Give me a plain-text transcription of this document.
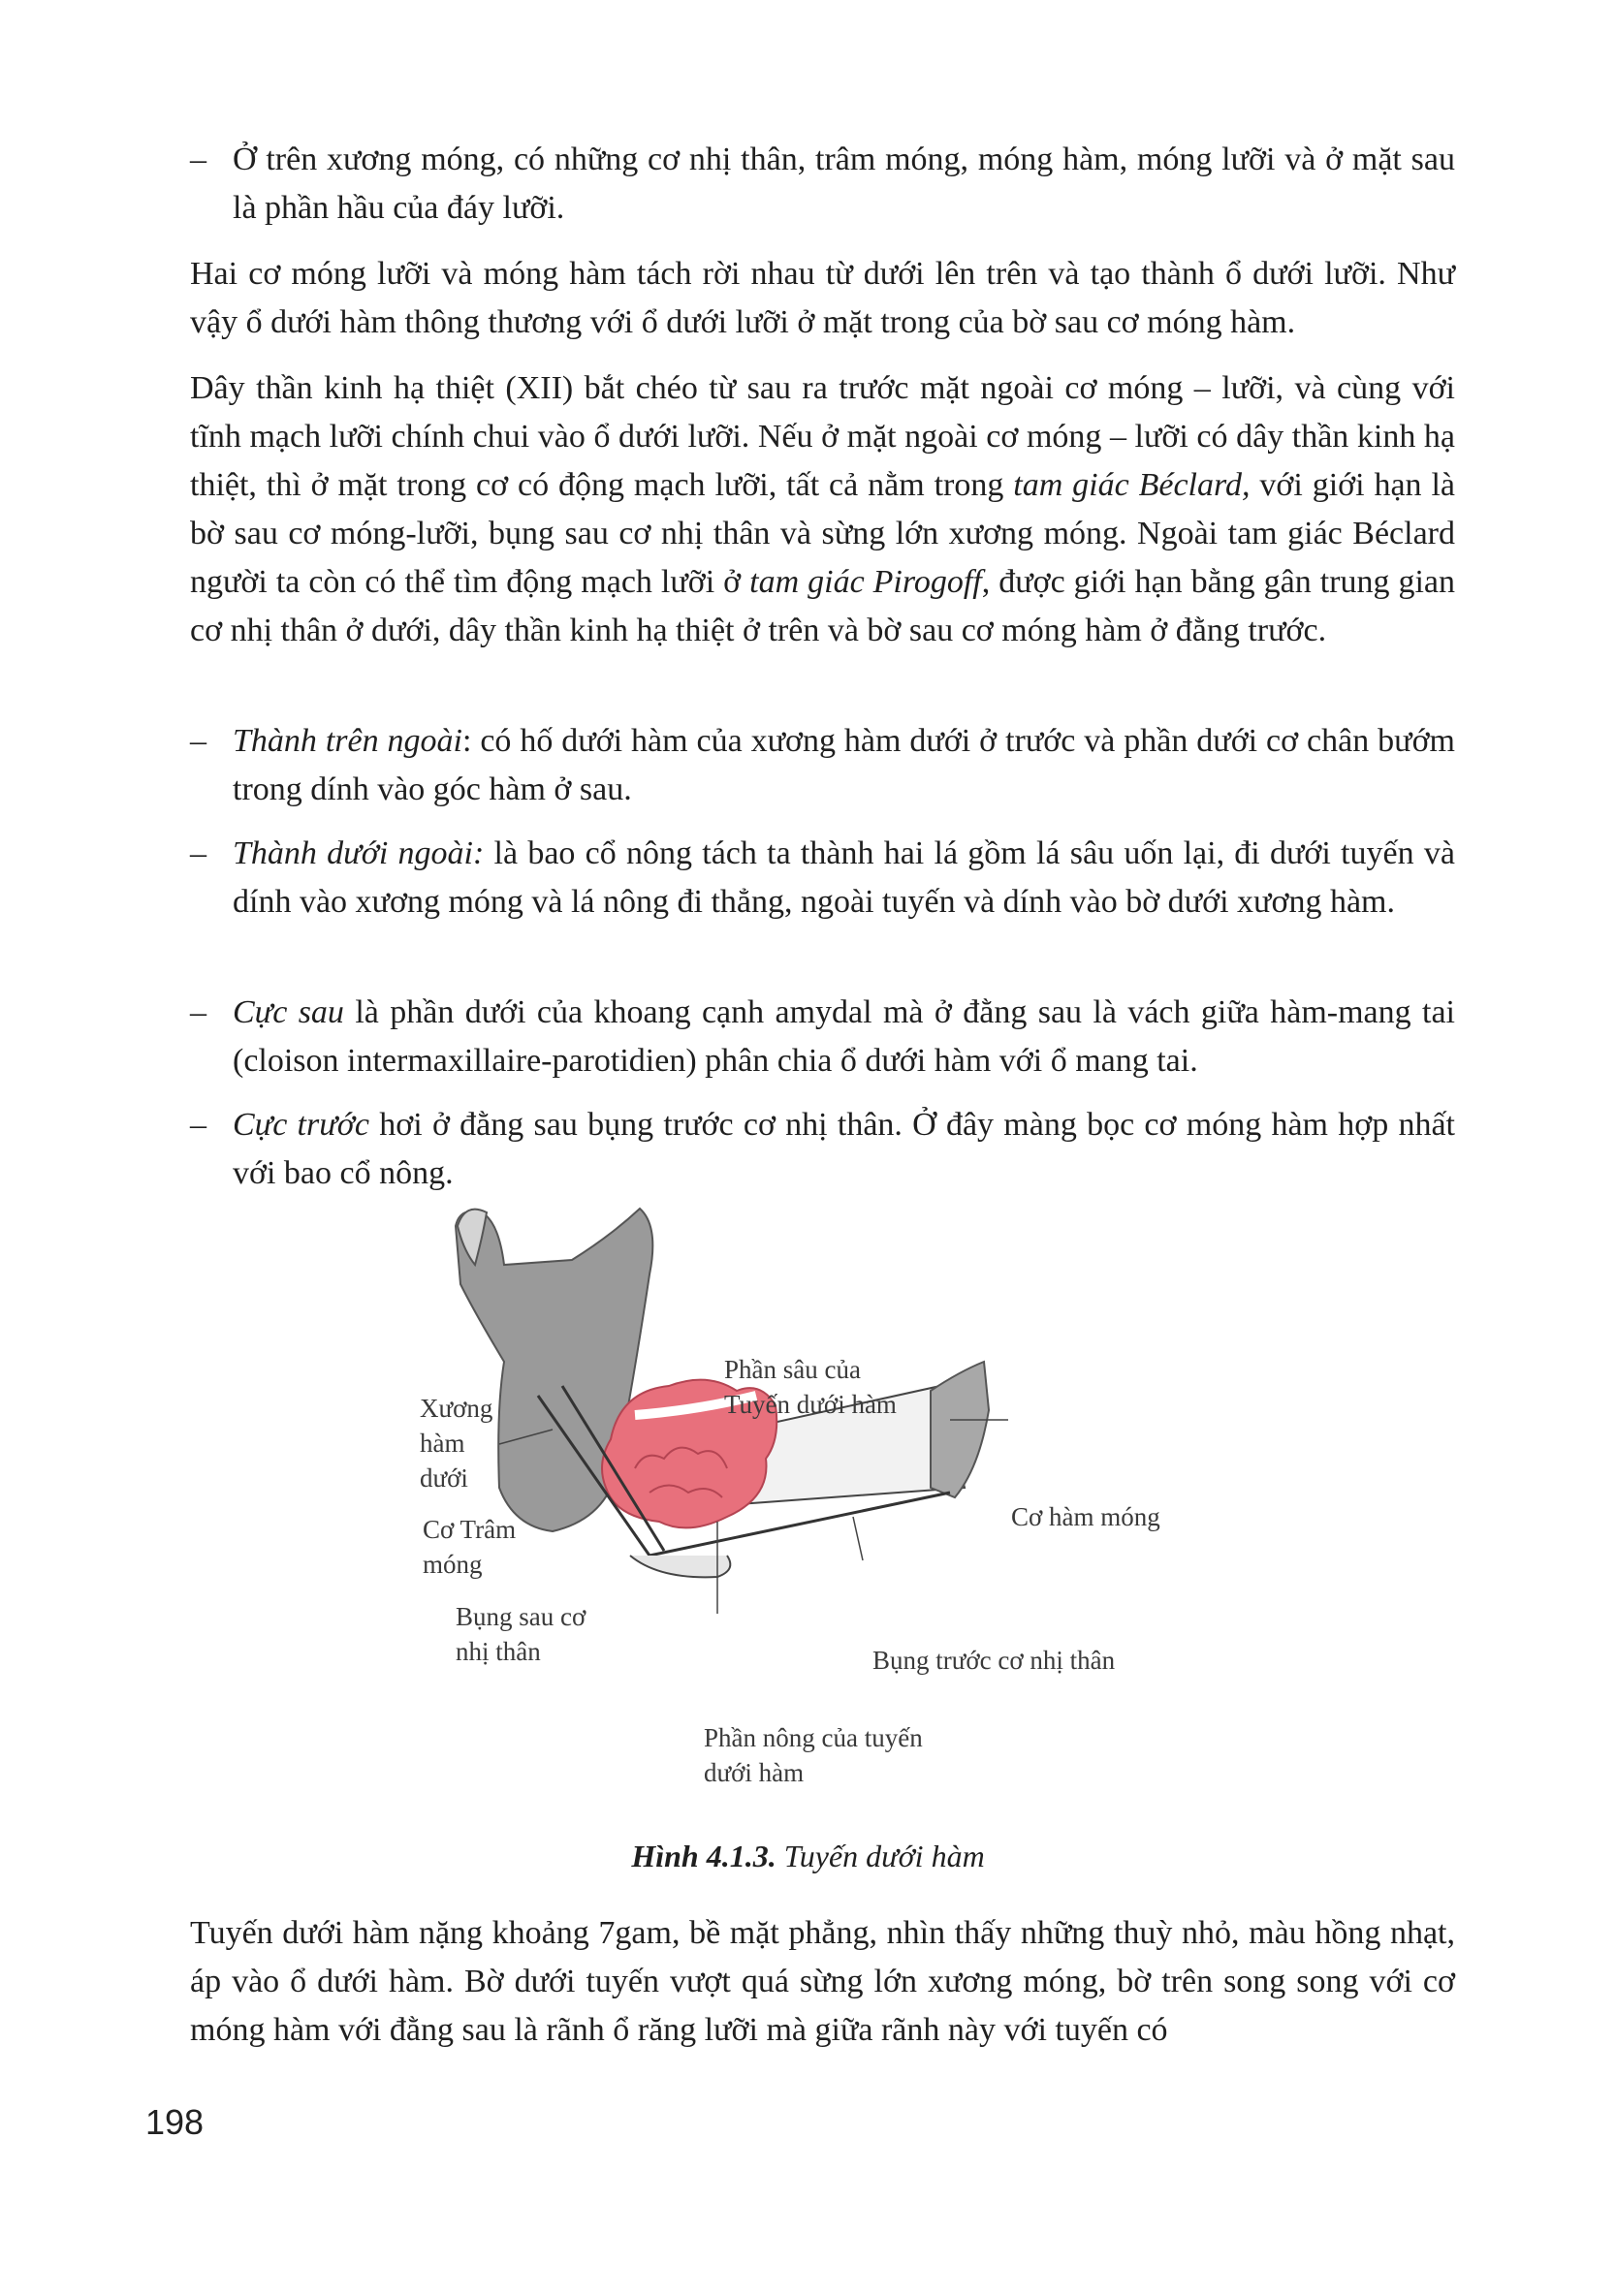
– Ở trên xương móng, có những cơ nhị thân, trâm móng, móng hàm, móng lưỡi và ở mặt sau là phần hầu của đáy lưỡi.

Hai cơ móng lưỡi và móng hàm tách rời nhau từ dưới lên trên và tạo thành ổ dưới lưỡi. Như vậy ổ dưới hàm thông thương với ổ dưới lưỡi ở mặt trong của bờ sau cơ móng hàm.

Dây thần kinh hạ thiệt (XII) bắt chéo từ sau ra trước mặt ngoài cơ móng – lưỡi, và cùng với tĩnh mạch lưỡi chính chui vào ổ dưới lưỡi. Nếu ở mặt ngoài cơ móng – lưỡi có dây thần kinh hạ thiệt, thì ở mặt trong cơ có động mạch lưỡi, tất cả nằm trong tam giác Béclard, với giới hạn là bờ sau cơ móng-lưỡi, bụng sau cơ nhị thân và sừng lớn xương móng. Ngoài tam giác Béclard người ta còn có thể tìm động mạch lưỡi ở tam giác Pirogoff, được giới hạn bằng gân trung gian cơ nhị thân ở dưới, dây thần kinh hạ thiệt ở trên và bờ sau cơ móng hàm ở đằng trước.

– Thành trên ngoài: có hố dưới hàm của xương hàm dưới ở trước và phần dưới cơ chân bướm trong dính vào góc hàm ở sau.
– Thành dưới ngoài: là bao cổ nông tách ta thành hai lá gồm lá sâu uốn lại, đi dưới tuyến và dính vào xương móng và lá nông đi thẳng, ngoài tuyến và dính vào bờ dưới xương hàm.
– Cực sau là phần dưới của khoang cạnh amydal mà ở đằng sau là vách giữa hàm-mang tai (cloison intermaxillaire-parotidien) phân chia ổ dưới hàm với ổ mang tai.
– Cực trước hơi ở đằng sau bụng trước cơ nhị thân. Ở đây màng bọc cơ móng hàm hợp nhất với bao cổ nông.
Xương
hàm
dưới
Phần sâu của
Tuyến dưới hàm
Cơ Trâm
móng
Cơ hàm móng
Bụng sau cơ
nhị thân	Bụng trước cơ nhị thân
Phần nông của tuyến
dưới hàm
Hình 4.1.3. Tuyến dưới hàm

Tuyến dưới hàm nặng khoảng 7gam, bề mặt phẳng, nhìn thấy những thuỳ nhỏ, màu hồng nhạt, áp vào ổ dưới hàm. Bờ dưới tuyến vượt quá sừng lớn xương móng, bờ trên song song với cơ móng hàm với đằng sau là rãnh ổ răng lưỡi mà giữa rãnh này với tuyến có

198
